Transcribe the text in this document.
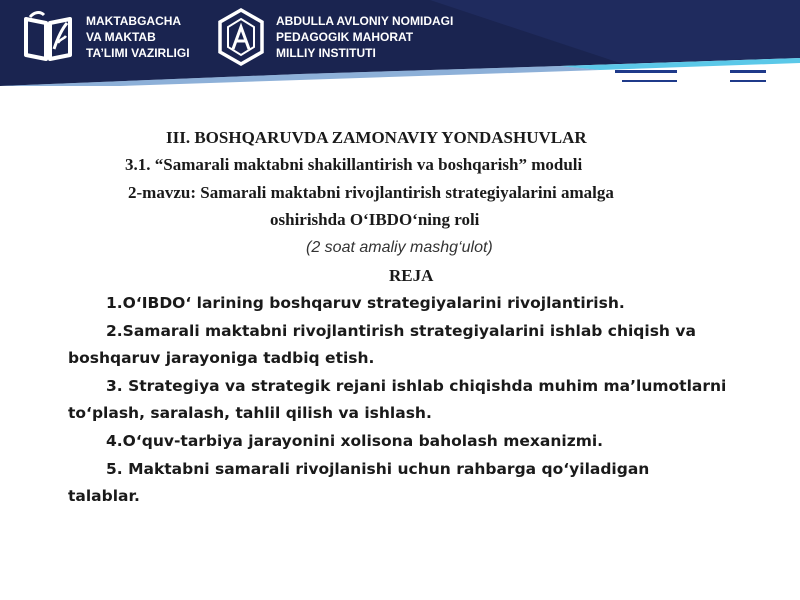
MAKTABGACHA
VA MAKTAB
TA’LIMI VAZIRLIGI
ABDULLA AVLONIY NOMIDAGI
PEDAGOGIK MAHORAT
MILLIY INSTITUTI
III. BOSHQARUVDA ZAMONAVIY YONDASHUVLAR
3.1. “Samarali maktabni shakillantirish va boshqarish” moduli
2-mavzu: Samarali maktabni rivojlantirish strategiyalarini amalga
oshirishda O‘IBDO‘ning roli
(2 soat amaliy mashg‘ulot)
REJA
1.O‘IBDO‘ larining boshqaruv strategiyalarini rivojlantirish.
2.Samarali maktabni rivojlantirish strategiyalarini ishlab chiqish va
boshqaruv jarayoniga tadbiq etish.
3. Strategiya va strategik rejani ishlab chiqishda muhim ma’lumotlarni
to‘plash, saralash, tahlil qilish va ishlash.
4.O‘quv-tarbiya jarayonini xolisona baholash mexanizmi.
5. Maktabni samarali rivojlanishi uchun rahbarga qo‘yiladigan
talablar.
